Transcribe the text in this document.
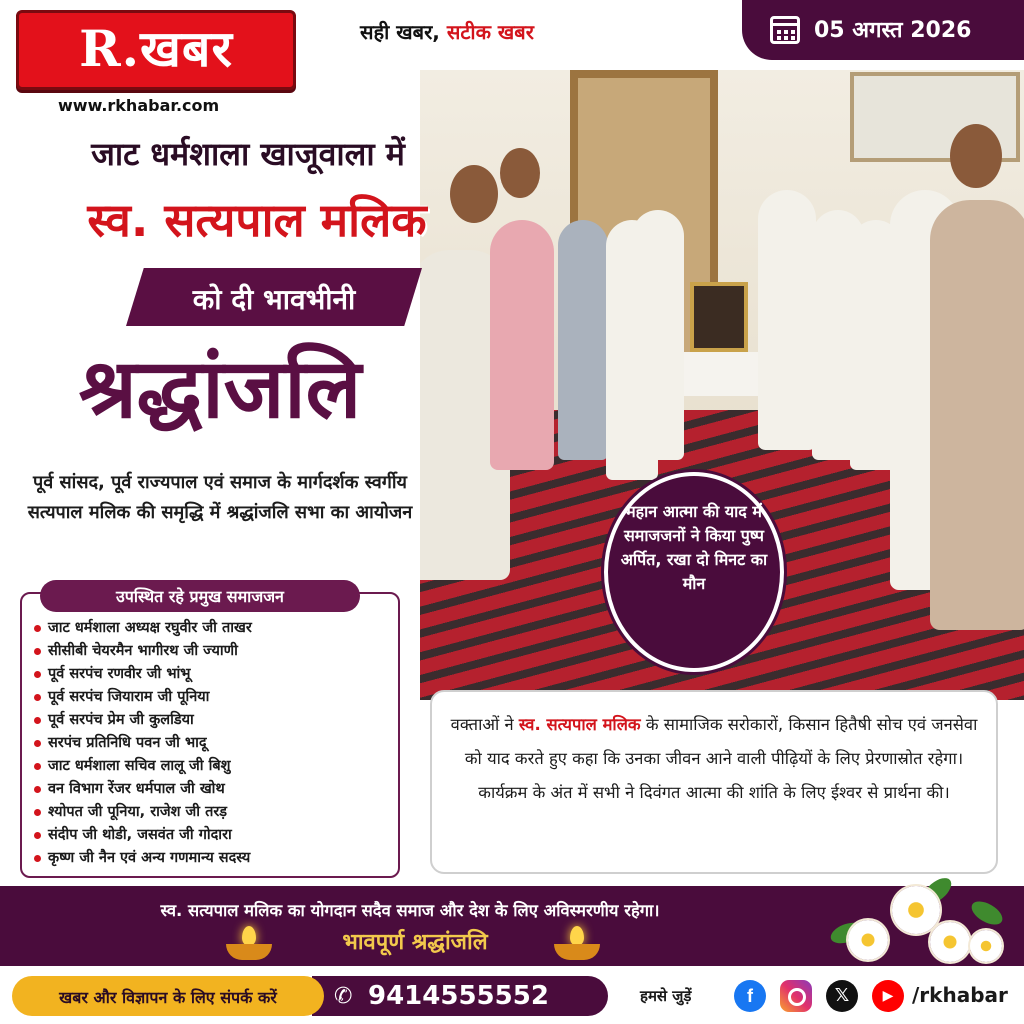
R.खबर
www.rkhabar.com
सही खबर, सटीक खबर	05 अगस्त 2026
जाट धर्मशाला खाजूवाला में
स्व. सत्यपाल मलिक
को दी भावभीनी
श्रद्धांजलि
पूर्व सांसद, पूर्व राज्यपाल एवं समाज के मार्गदर्शक स्वर्गीय सत्यपाल मलिक की समृद्धि में श्रद्धांजलि सभा का आयोजन
उपस्थित रहे प्रमुख समाजजन
जाट धर्मशाला अध्यक्ष रघुवीर जी ताखर
सीसीबी चेयरमैन भागीरथ जी ज्याणी
पूर्व सरपंच रणवीर जी भांभू
पूर्व सरपंच जियाराम जी पूनिया
पूर्व सरपंच प्रेम जी कुलडिया
सरपंच प्रतिनिधि पवन जी भादू
जाट धर्मशाला सचिव लालू जी बिशु
वन विभाग रेंजर धर्मपाल जी खोथ
श्योपत जी पूनिया, राजेश जी तरड़
संदीप जी थोडी, जसवंत जी गोदारा
कृष्ण जी नैन एवं अन्य गणमान्य सदस्य
महान आत्मा की याद में समाजजनों ने किया पुष्प अर्पित, रखा दो मिनट का मौन
वक्ताओं ने स्व. सत्यपाल मलिक के सामाजिक सरोकारों, किसान हितैषी सोच एवं जनसेवा को याद करते हुए कहा कि उनका जीवन आने वाली पीढ़ियों के लिए प्रेरणास्रोत रहेगा। कार्यक्रम के अंत में सभी ने दिवंगत आत्मा की शांति के लिए ईश्वर से प्रार्थना की।
स्व. सत्यपाल मलिक का योगदान सदैव समाज और देश के लिए अविस्मरणीय रहेगा।
भावपूर्ण श्रद्धांजलि
खबर और विज्ञापन के लिए संपर्क करें	✆ 9414555552	हमसे जुड़ें	f	𝕏	▶ /rkhabar
